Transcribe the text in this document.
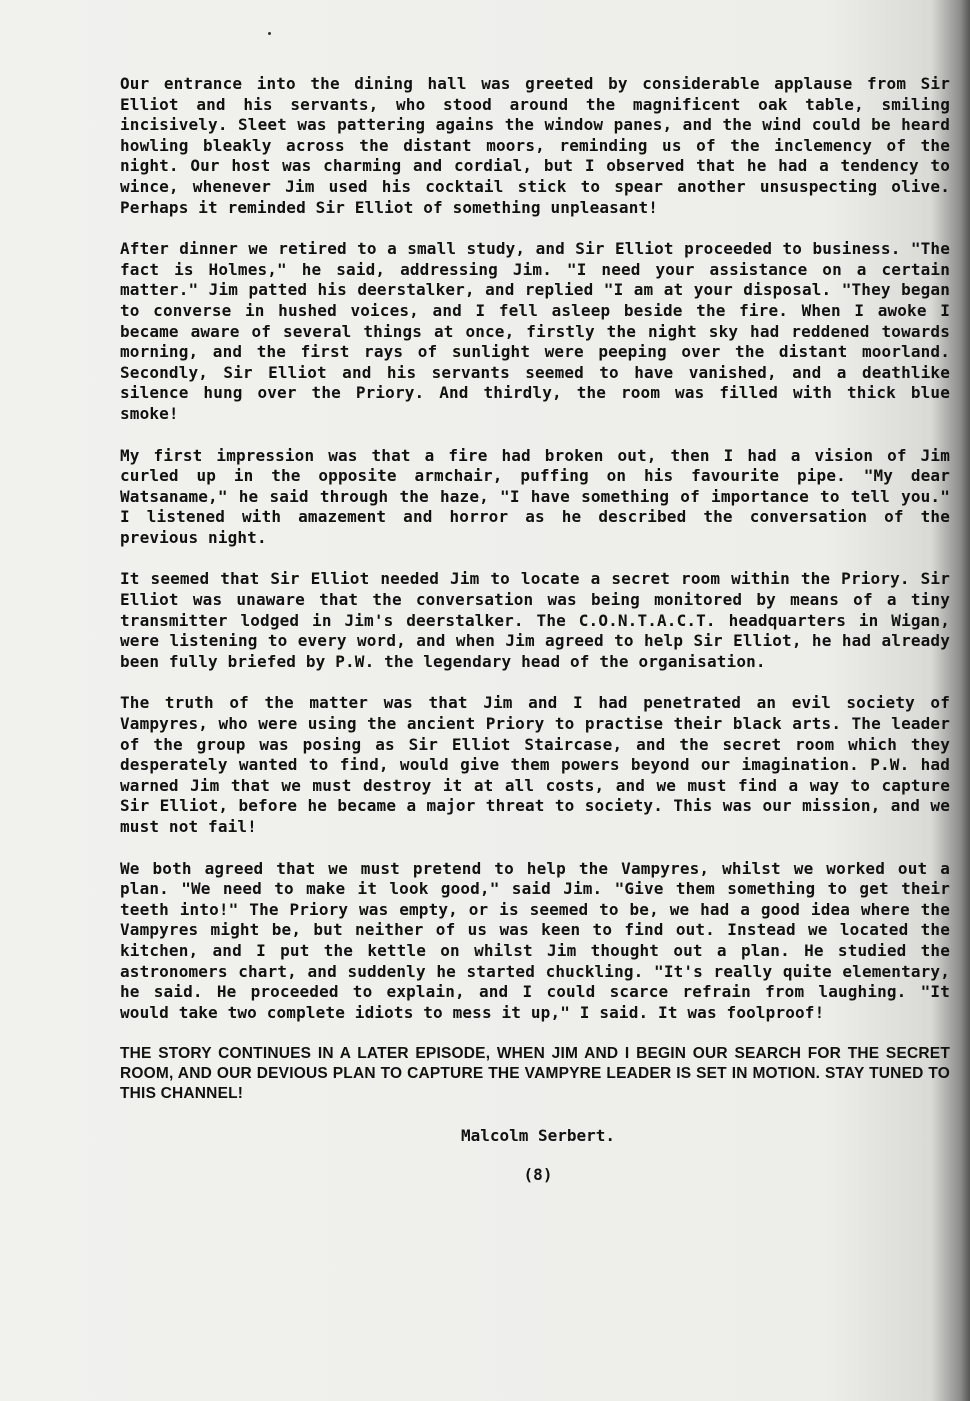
Our entrance into the dining hall was greeted by considerable applause from Sir Elliot and his servants, who stood around the magnificent oak table, smiling incisively. Sleet was pattering agains the window panes, and the wind could be heard howling bleakly across the distant moors, reminding us of the inclemency of the night. Our host was charming and cordial, but I observed that he had a tendency to wince, whenever Jim used his cocktail stick to spear another unsuspecting olive. Perhaps it reminded Sir Elliot of something unpleasant!

After dinner we retired to a small study, and Sir Elliot proceeded to business. "The fact is Holmes," he said, addressing Jim. "I need your assistance on a certain matter." Jim patted his deerstalker, and replied "I am at your disposal. "They began to converse in hushed voices, and I fell asleep beside the fire. When I awoke I became aware of several things at once, firstly the night sky had reddened towards morning, and the first rays of sunlight were peeping over the distant moorland. Secondly, Sir Elliot and his servants seemed to have vanished, and a deathlike silence hung over the Priory. And thirdly, the room was filled with thick blue smoke!

My first impression was that a fire had broken out, then I had a vision of Jim curled up in the opposite armchair, puffing on his favourite pipe. "My dear Watsaname," he said through the haze, "I have something of importance to tell you." I listened with amazement and horror as he described the conversation of the previous night.

It seemed that Sir Elliot needed Jim to locate a secret room within the Priory. Sir Elliot was unaware that the conversation was being monitored by means of a tiny transmitter lodged in Jim's deerstalker. The C.O.N.T.A.C.T. headquarters in Wigan, were listening to every word, and when Jim agreed to help Sir Elliot, he had already been fully briefed by P.W. the legendary head of the organisation.

The truth of the matter was that Jim and I had penetrated an evil society of Vampyres, who were using the ancient Priory to practise their black arts. The leader of the group was posing as Sir Elliot Staircase, and the secret room which they desperately wanted to find, would give them powers beyond our imagination. P.W. had warned Jim that we must destroy it at all costs, and we must find a way to capture Sir Elliot, before he became a major threat to society. This was our mission, and we must not fail!

We both agreed that we must pretend to help the Vampyres, whilst we worked out a plan. "We need to make it look good," said Jim. "Give them something to get their teeth into!" The Priory was empty, or is seemed to be, we had a good idea where the Vampyres might be, but neither of us was keen to find out. Instead we located the kitchen, and I put the kettle on whilst Jim thought out a plan. He studied the astronomers chart, and suddenly he started chuckling. "It's really quite elementary, he said. He proceeded to explain, and I could scarce refrain from laughing. "It would take two complete idiots to mess it up," I said. It was foolproof!

THE STORY CONTINUES IN A LATER EPISODE, WHEN JIM AND I BEGIN OUR SEARCH FOR THE SECRET ROOM, AND OUR DEVIOUS PLAN TO CAPTURE THE VAMPYRE LEADER IS SET IN MOTION. STAY TUNED TO THIS CHANNEL!

Malcolm Serbert.
(8)
